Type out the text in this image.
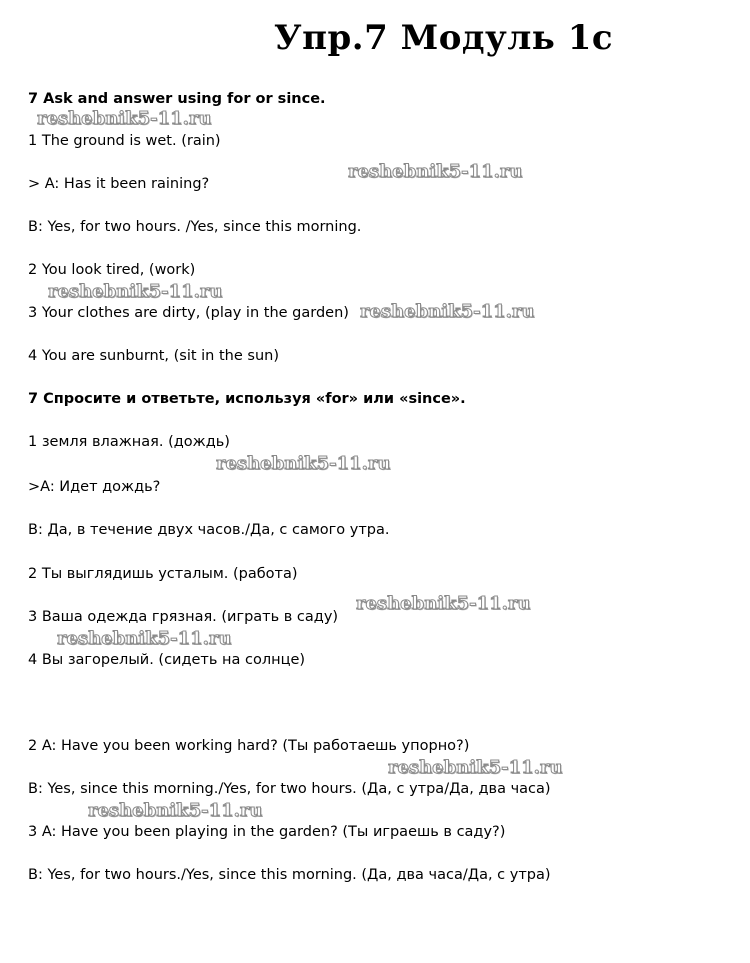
Упр.7 Модуль 1с
7 Ask and answer using for or since.
1 The ground is wet. (rain)
> A: Has it been raining?
B: Yes, for two hours. /Yes, since this morning.
2 You look tired, (work)
3 Your clothes are dirty, (play in the garden)
4 You are sunburnt, (sit in the sun)
7 Спросите и ответьте, используя «for» или «since».
1 земля влажная. (дождь)
>A: Идет дождь?
B: Да, в течение двух часов./Да, с самого утра.
2 Ты выглядишь усталым. (работа)
3 Ваша одежда грязная. (играть в саду)
4 Вы загорелый. (сидеть на солнце)
2 A: Have you been working hard? (Ты работаешь упорно?)
B: Yes, since this morning./Yes, for two hours. (Да, с утра/Да, два часа)
3 A: Have you been playing in the garden? (Ты играешь в саду?)
B: Yes, for two hours./Yes, since this morning. (Да, два часа/Да, с утра)
reshebnik5-11.ru
reshebnik5-11.ru
reshebnik5-11.ru
reshebnik5-11.ru
reshebnik5-11.ru
reshebnik5-11.ru
reshebnik5-11.ru
reshebnik5-11.ru
reshebnik5-11.ru
